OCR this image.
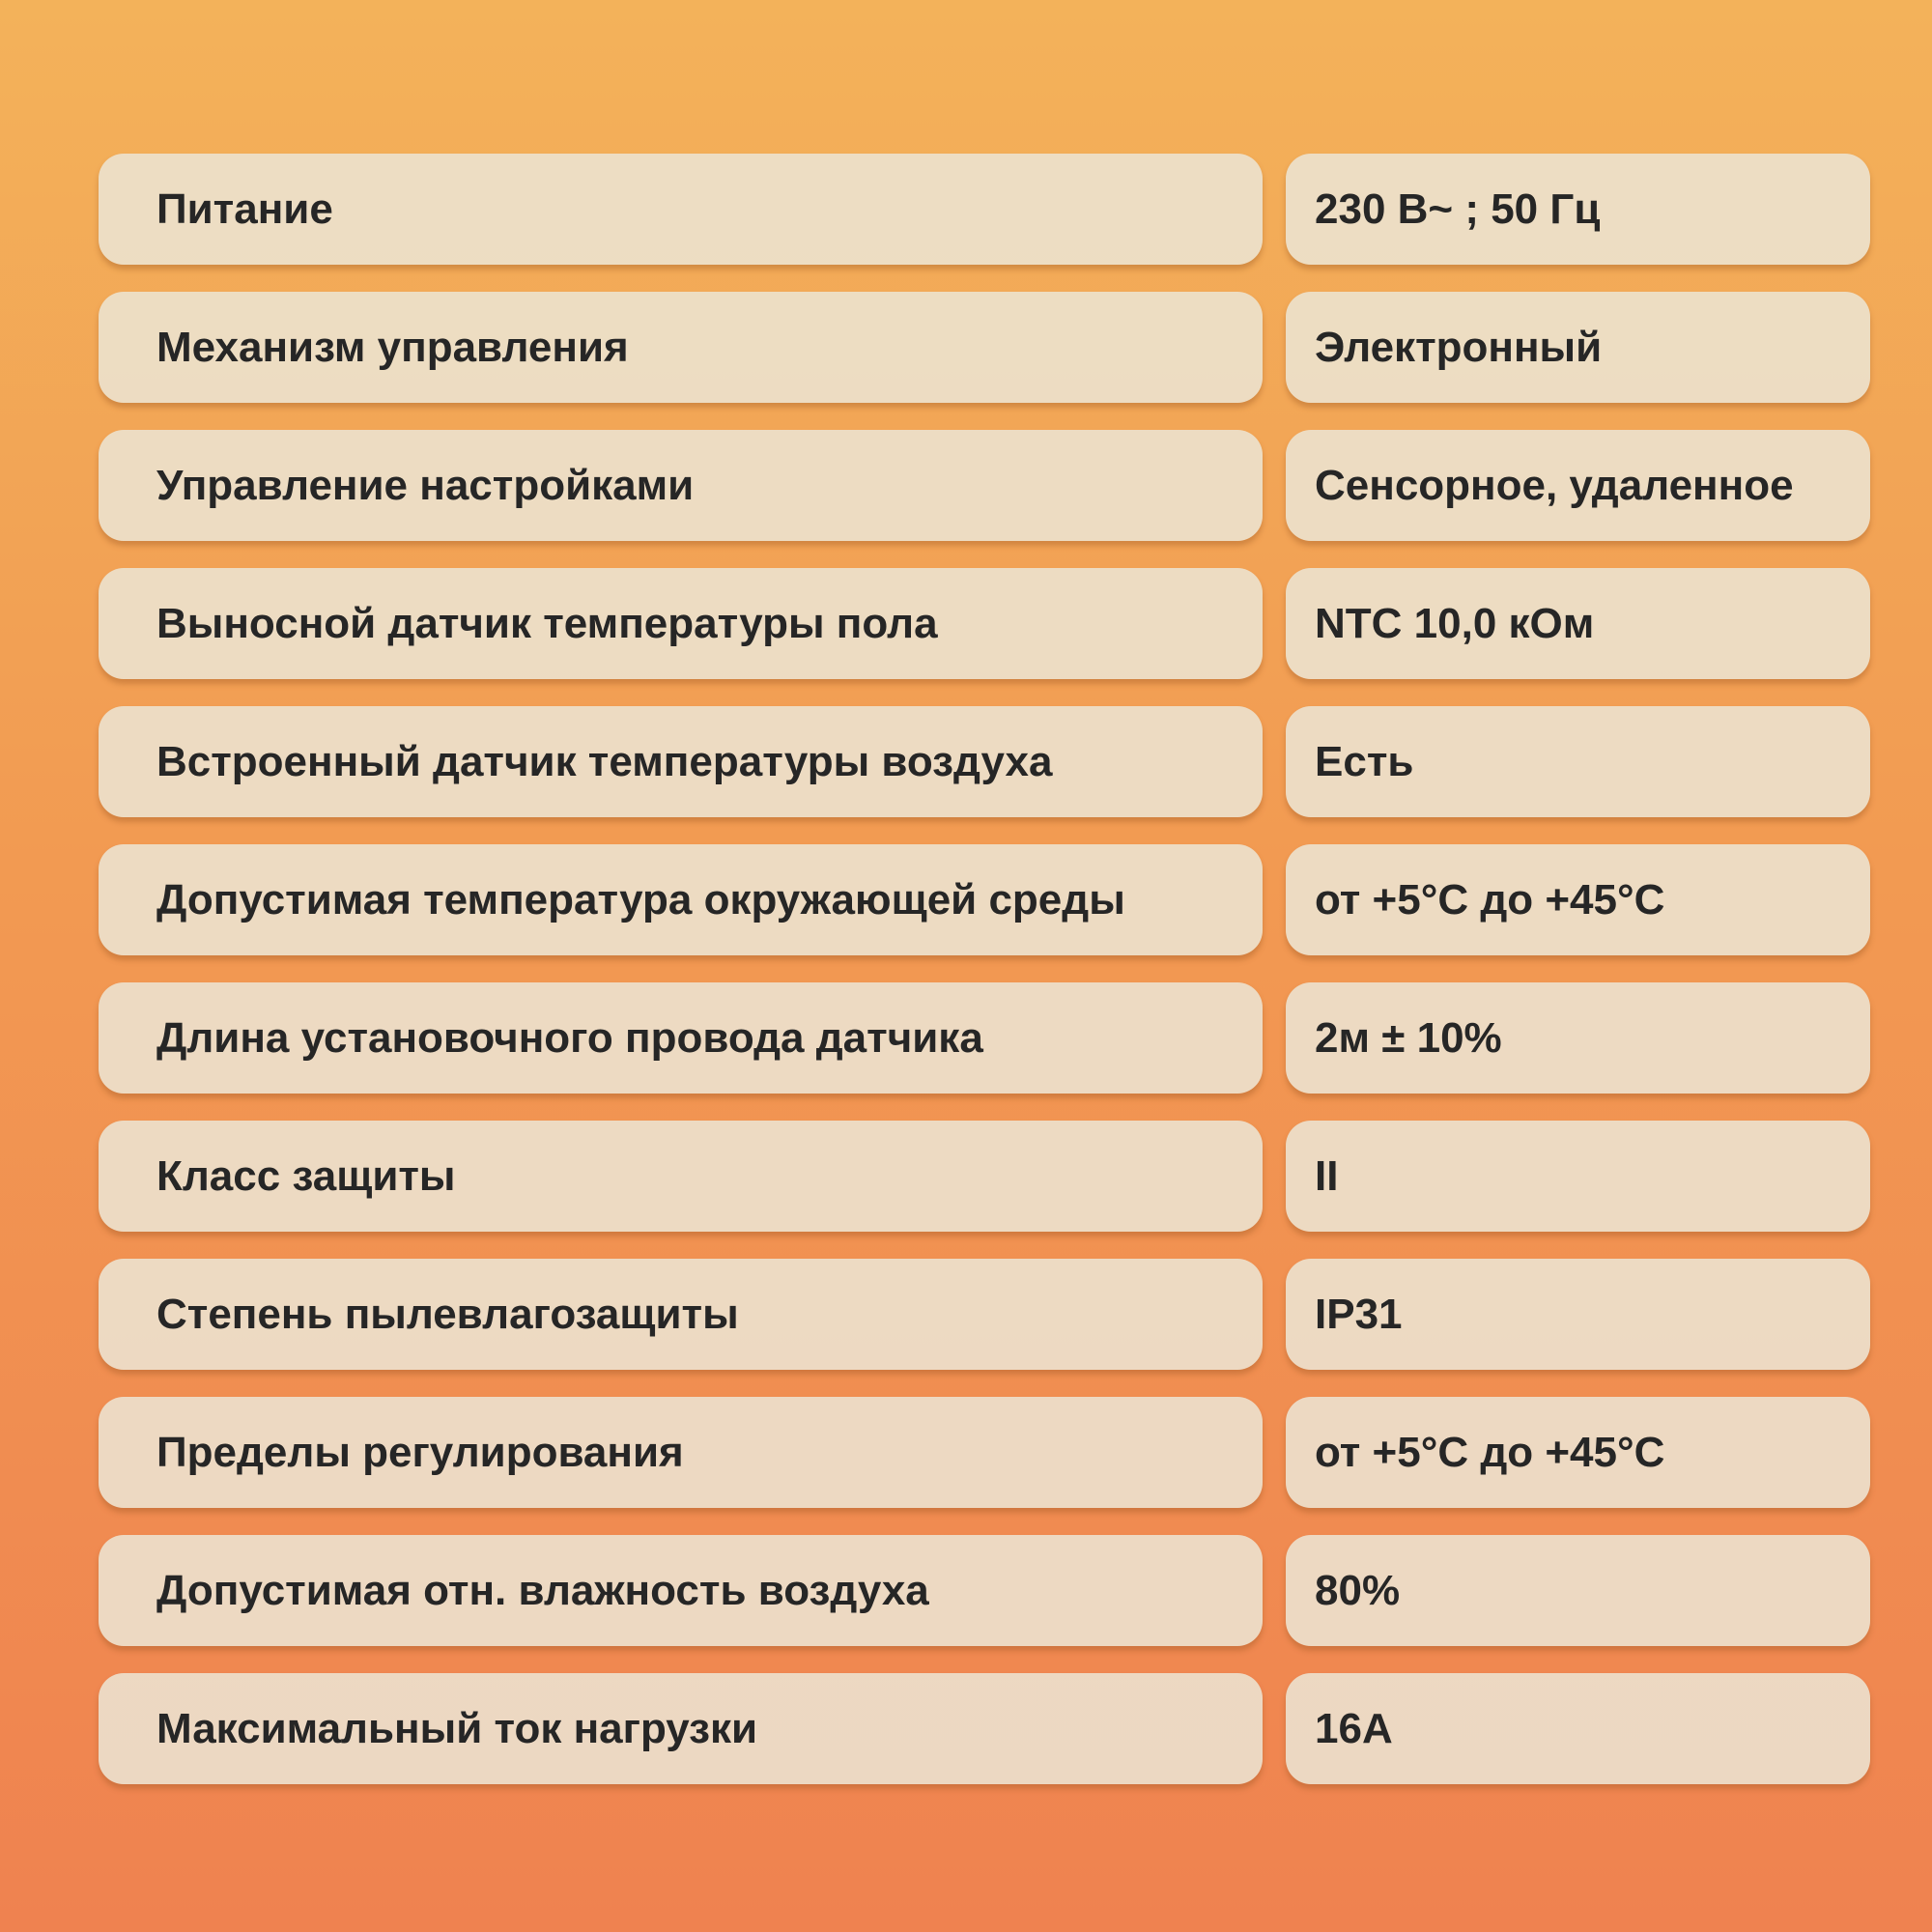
Питание	230 В~ ; 50 Гц
Механизм управления	Электронный
Управление настройками	Сенсорное, удаленное
Выносной датчик температуры пола	NTC 10,0 кОм
Встроенный датчик температуры воздуха	Есть
Допустимая температура окружающей среды	от +5°С до +45°С
Длина установочного провода датчика	2м ± 10%
Класс защиты	II
Степень пылевлагозащиты	IP31
Пределы регулирования	от +5°С до +45°С
Допустимая отн. влажность воздуха	80%
Максимальный ток нагрузки	16А
